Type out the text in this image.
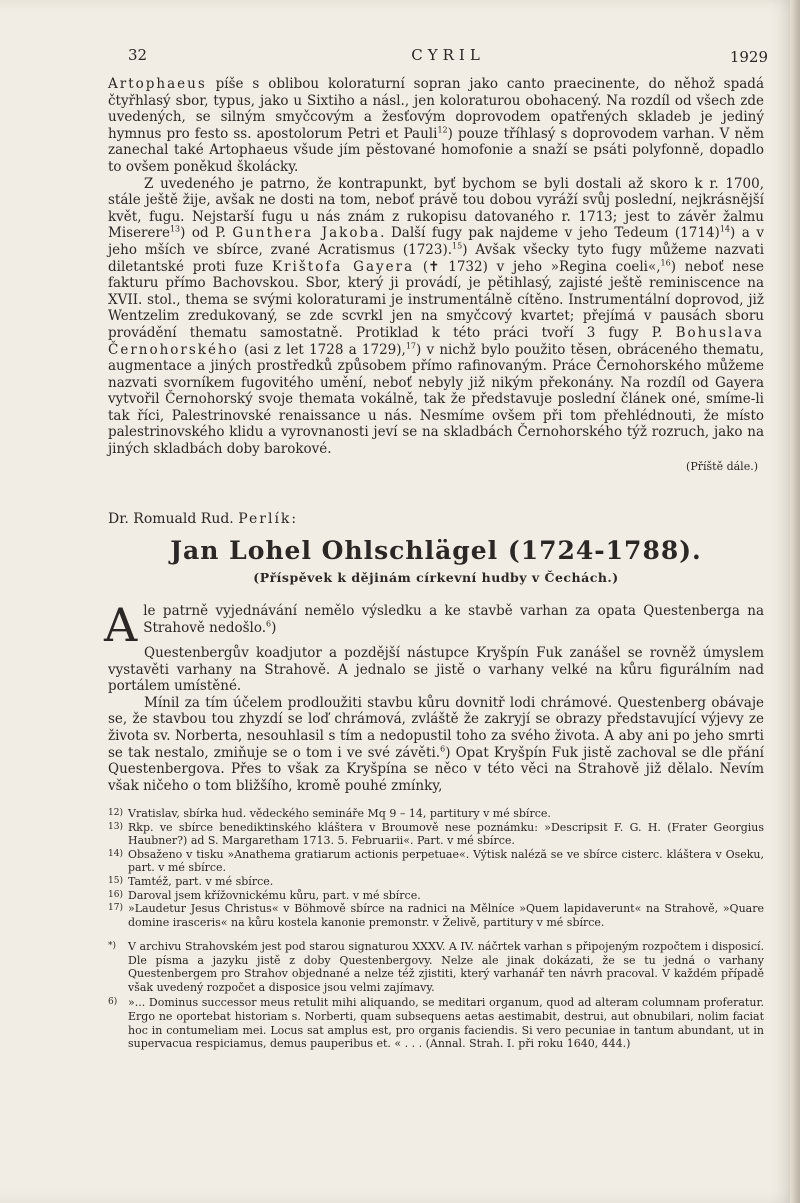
32	CYRIL	1929

Artophaeus píše s oblibou koloraturní sopran jako canto praecinente, do něhož spadá čtyřhlasý sbor, typus, jako u Sixtiho a násl., jen koloraturou obohacený. Na rozdíl od všech zde uvedených, se silným smyčcovým a žesťovým doprovodem opatřených skladeb je jediný hymnus pro festo ss. apostolorum Petri et Pauli$^{12}$) pouze tříhlasý s doprovodem varhan. V něm zanechal také Artophaeus všude jím pěstované homofonie a snaží se psáti polyfonně, dopadlo to ovšem poněkud školácky.

Z uvedeného je patrno, že kontrapunkt, byť bychom se byli dostali až skoro k r. 1700, stále ještě žije, avšak ne dosti na tom, neboť právě tou dobou vyráží svůj poslední, nejkrásnější květ, fugu. Nejstarší fugu u nás znám z rukopisu datovaného r. 1713; jest to závěr žalmu Miserere$^{13}$) od P. Gunthera Jakoba. Další fugy pak najdeme v jeho Tedeum $(1714)^{14}$) a v jeho mších ve sbírce, zvané Acratismus (1723).$^{15}$) Avšak všecky tyto fugy můžeme nazvati diletantské proti fuze Krištofa Gayera (✝ 1732) v jeho »Regina coeli«,$^{16}$) neboť nese fakturu přímo Bachovskou. Sbor, který ji provádí, je pětihlasý, zajisté ještě reminiscence na XVII. stol., thema se svými koloraturami je instrumentálně cítěno. Instrumentální doprovod, již Wentzelim zredukovaný, se zde scvrkl jen na smyčcový kvartet; přejímá v pausách sboru provádění thematu samostatně. Protiklad k této práci tvoří 3 fugy P. Bohuslava Černohorského (asi z let 1728 a 1729),$^{17}$) v nichž bylo použito těsen, obráceného thematu, augmentace a jiných prostředků způsobem přímo rafinovaným. Práce Černohorského můžeme nazvati svorníkem fugovitého umění, neboť nebyly již nikým překonány. Na rozdíl od Gayera vytvořil Černohorský svoje themata vokálně, tak že představuje poslední článek oné, smíme-li tak říci, Palestrinovské renaissance u nás. Nesmíme ovšem při tom přehlédnouti, že místo palestrinovského klidu a vyrovnanosti jeví se na skladbách Černohorského týž rozruch, jako na jiných skladbách doby barokové.

(Příště dále.)
Dr. Romuald Rud. Perlík:
Jan Lohel Ohlschlägel (1724-1788).
(Příspěvek k dějinám církevní hudby v Čechách.)

Ale patrně vyjednávání nemělo výsledku a ke stavbě varhan za opata Questenberga na Strahově nedošlo.$^6$)

Questenbergův koadjutor a pozdější nástupce Kryšpín Fuk zanášel se rovněž úmyslem vystavěti varhany na Strahově. A jednalo se jistě o varhany velké na kůru figurálním nad portálem umístěné.

Mínil za tím účelem prodloužiti stavbu kůru dovnitř lodi chrámové. Questenberg obávaje se, že stavbou tou zhyzdí se loď chrámová, zvláště že zakryjí se obrazy představující výjevy ze života sv. Norberta, nesouhlasil s tím a nedopustil toho za svého života. A aby ani po jeho smrti se tak nestalo, zmiňuje se o tom i ve své závěti.$^6$) Opat Kryšpín Fuk jistě zachoval se dle přání Questenbergova. Přes to však za Kryšpína se něco v této věci na Strahově již dělalo. Nevím však ničeho o tom bližšího, kromě pouhé zmínky,

12) Vratislav, sbírka hud. vědeckého semináře Mq 9 – 14, partitury v mé sbírce.
13) Rkp. ve sbírce benediktinského kláštera v Broumově nese poznámku: »Descripsit F. G. H. (Frater Georgius Haubner?) ad S. Margaretham 1713. 5. Februarii«. Part. v mé sbírce.
14) Obsaženo v tisku »Anathema gratiarum actionis perpetuae«. Výtisk naléză se ve sbírce cisterc. kláštera v Oseku, part. v mé sbírce.
15) Tamtéž, part. v mé sbírce.
16) Daroval jsem křížovnickému kůru, part. v mé sbírce.
17) »Laudetur Jesus Christus« v Böhmově sbírce na radnici na Mělníce »Quem lapidaverunt« na Strahově, »Quare domine irasceris« na kůru kostela kanonie premonstr. v Želivě, partitury v mé sbírce.
*) V archivu Strahovském jest pod starou signaturou XXXV. A IV. náčrtek varhan s připojeným rozpočtem i disposicí. Dle písma a jazyku jistě z doby Questenbergovy. Nelze ale jinak dokázati, že se tu jedná o varhany Questenbergem pro Strahov objednané a nelze též zjistiti, který varhanář ten návrh pracoval. V každém případě však uvedený rozpočet a disposice jsou velmi zajímavy.
6) »... Dominus successor meus retulit mihi aliquando, se meditari organum, quod ad alteram columnam proferatur. Ergo ne oportebat historiam s. Norberti, quam subsequens aetas aestimabit, destrui, aut obnubilari, nolim faciat hoc in contumeliam mei. Locus sat amplus est, pro organis faciendis. Si vero pecuniae in tantum abundant, ut in supervacua respiciamus, demus pauperibus et. « . . . (Annal. Strah. I. při roku 1640, 444.)
